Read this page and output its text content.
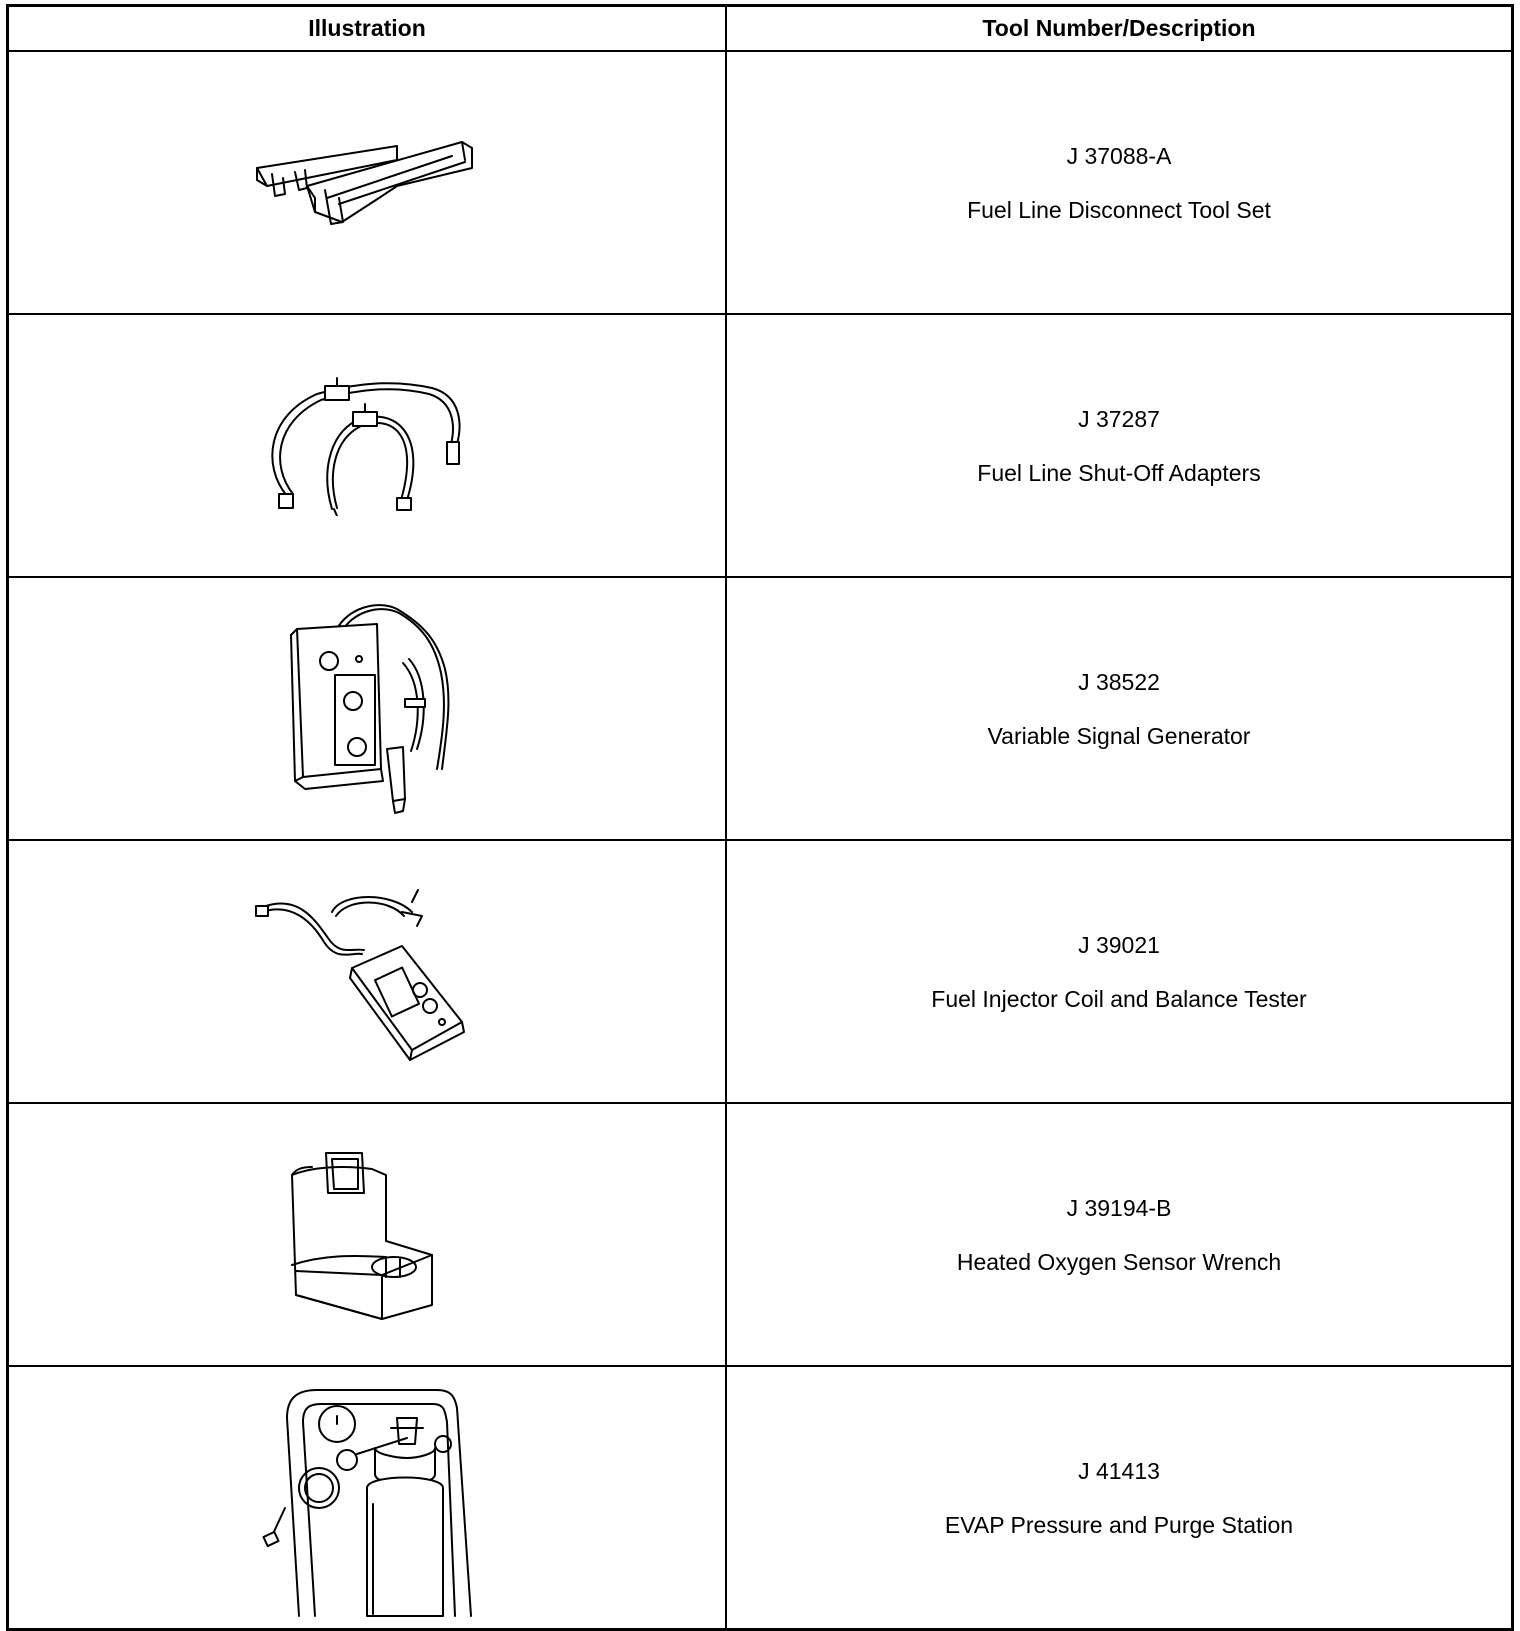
Illustration	Tool Number/Description

J 37088-A
Fuel Line Disconnect Tool Set

J 37287
Fuel Line Shut-Off Adapters

J 38522
Variable Signal Generator

J 39021
Fuel Injector Coil and Balance Tester

J 39194-B
Heated Oxygen Sensor Wrench

J 41413
EVAP Pressure and Purge Station
